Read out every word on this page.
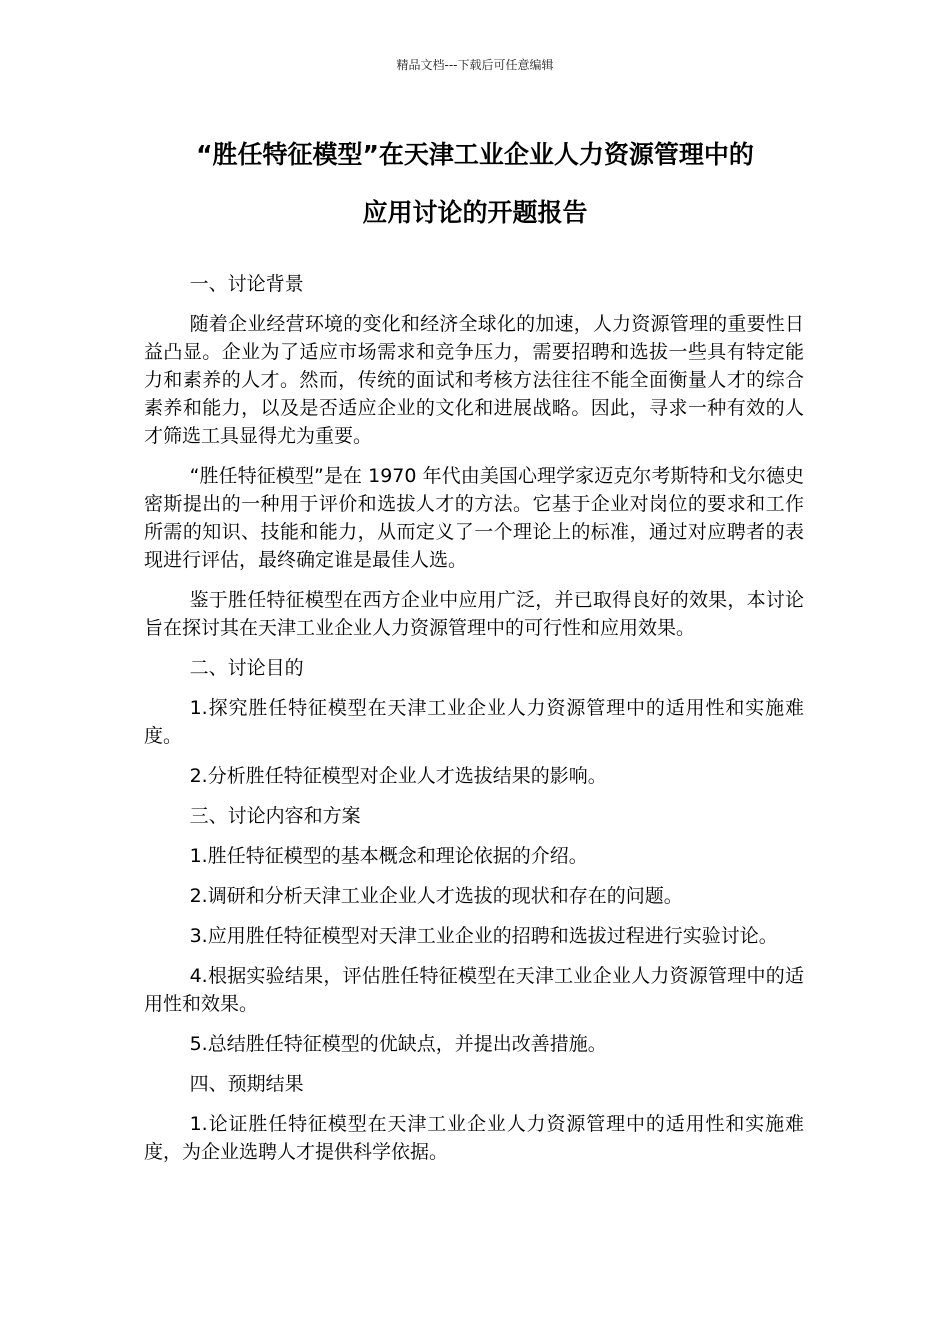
精品文档---下载后可任意编辑
“胜任特征模型”在天津工业企业人力资源管理中的
应用讨论的开题报告

一、讨论背景

随着企业经营环境的变化和经济全球化的加速，人力资源管理的重要性日益凸显。企业为了适应市场需求和竞争压力，需要招聘和选拔一些具有特定能力和素养的人才。然而，传统的面试和考核方法往往不能全面衡量人才的综合素养和能力，以及是否适应企业的文化和进展战略。因此，寻求一种有效的人才筛选工具显得尤为重要。

“胜任特征模型”是在 1970 年代由美国心理学家迈克尔考斯特和戈尔德史密斯提出的一种用于评价和选拔人才的方法。它基于企业对岗位的要求和工作所需的知识、技能和能力，从而定义了一个理论上的标准，通过对应聘者的表现进行评估，最终确定谁是最佳人选。

鉴于胜任特征模型在西方企业中应用广泛，并已取得良好的效果，本讨论旨在探讨其在天津工业企业人力资源管理中的可行性和应用效果。

二、讨论目的

1.探究胜任特征模型在天津工业企业人力资源管理中的适用性和实施难度。

2.分析胜任特征模型对企业人才选拔结果的影响。

三、讨论内容和方案

1.胜任特征模型的基本概念和理论依据的介绍。

2.调研和分析天津工业企业人才选拔的现状和存在的问题。

3.应用胜任特征模型对天津工业企业的招聘和选拔过程进行实验讨论。

4.根据实验结果，评估胜任特征模型在天津工业企业人力资源管理中的适用性和效果。

5.总结胜任特征模型的优缺点，并提出改善措施。

四、预期结果

1.论证胜任特征模型在天津工业企业人力资源管理中的适用性和实施难度，为企业选聘人才提供科学依据。
